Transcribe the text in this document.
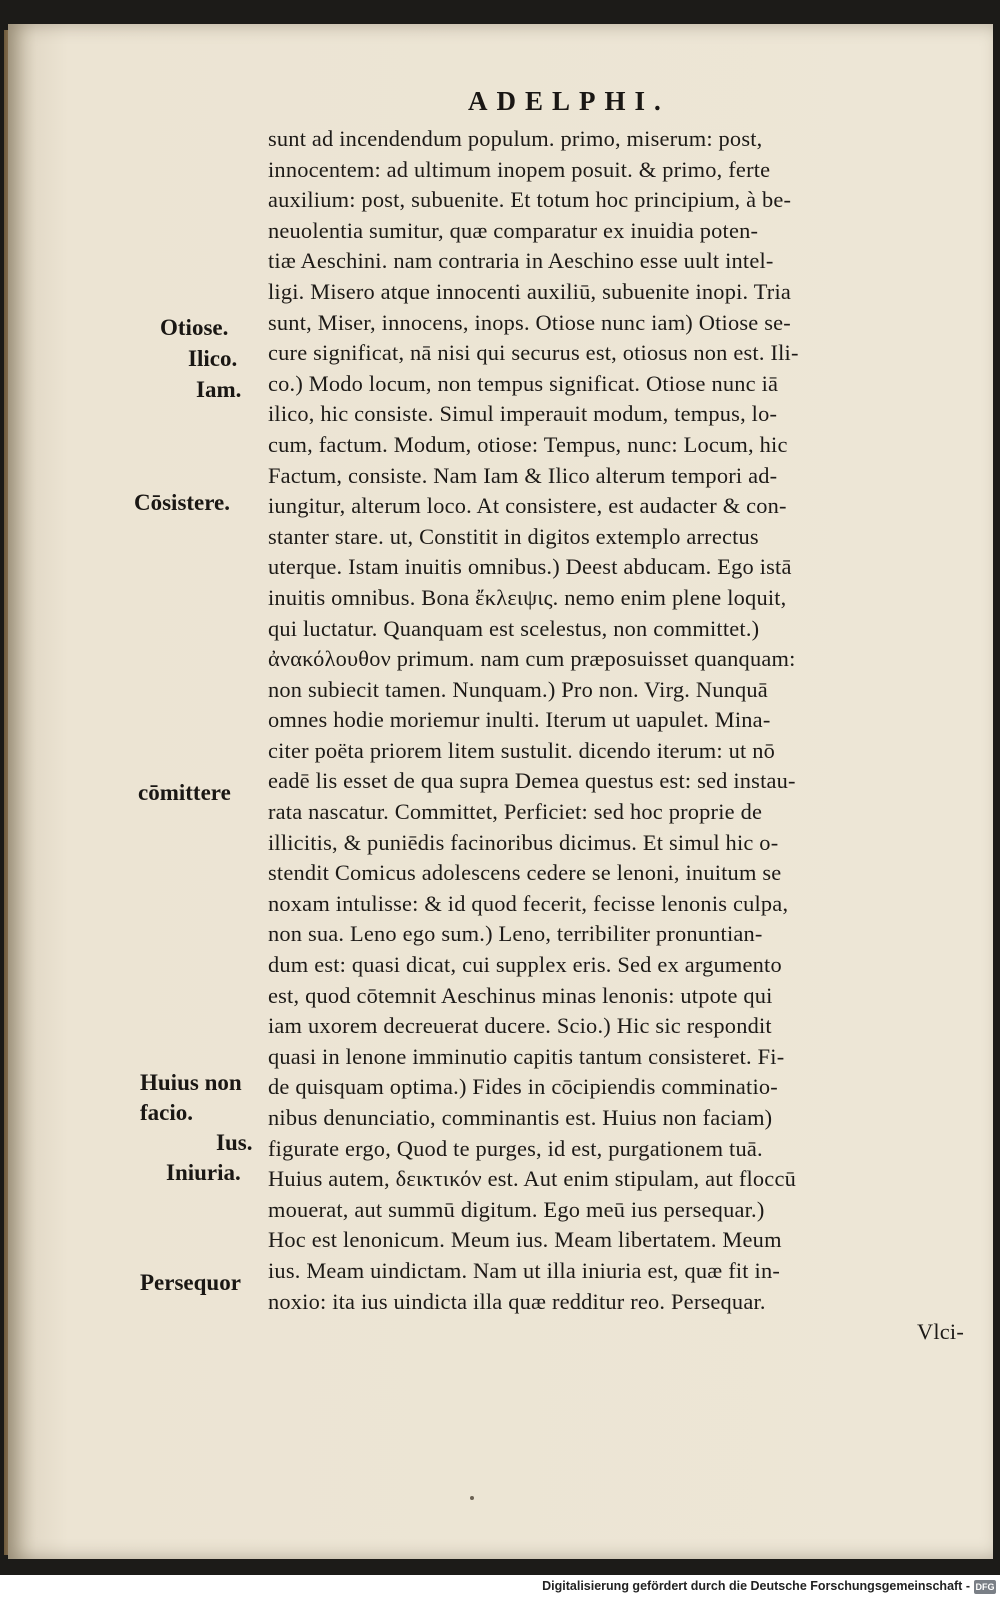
ADELPHI.
Otiose.
Ilico.
Iam.
Cōsistere.
cōmittere
Huius non
facio.
Ius.
Iniuria.
Persequor
sunt ad incendendum populum. primo, miserum: post,
innocentem: ad ultimum inopem posuit. & primo, ferte
auxilium: post, subuenite. Et totum hoc principium, à be-
neuolentia sumitur, quæ comparatur ex inuidia poten-
tiæ Aeschini. nam contraria in Aeschino esse uult intel-
ligi. Misero atque innocenti auxiliū, subuenite inopi. Tria
sunt, Miser, innocens, inops. Otiose nunc iam) Otiose se-
cure significat, nā nisi qui securus est, otiosus non est. Ili-
co.) Modo locum, non tempus significat. Otiose nunc iā
ilico, hic consiste. Simul imperauit modum, tempus, lo-
cum, factum. Modum, otiose: Tempus, nunc: Locum, hic
Factum, consiste. Nam Iam & Ilico alterum tempori ad-
iungitur, alterum loco. At consistere, est audacter & con-
stanter stare. ut, Constitit in digitos extemplo arrectus
uterque. Istam inuitis omnibus.) Deest abducam. Ego istā
inuitis omnibus. Bona ἔκλειψις. nemo enim plene loquit,
qui luctatur. Quanquam est scelestus, non committet.)
ἀνακόλουθον primum. nam cum præposuisset quanquam:
non subiecit tamen. Nunquam.) Pro non. Virg. Nunquā
omnes hodie moriemur inulti. Iterum ut uapulet. Mina-
citer poëta priorem litem sustulit. dicendo iterum: ut nō
eadē lis esset de qua supra Demea questus est: sed instau-
rata nascatur. Committet, Perficiet: sed hoc proprie de
illicitis, & puniēdis facinoribus dicimus. Et simul hic o-
stendit Comicus adolescens cedere se lenoni, inuitum se
noxam intulisse: & id quod fecerit, fecisse lenonis culpa,
non sua. Leno ego sum.) Leno, terribiliter pronuntian-
dum est: quasi dicat, cui supplex eris. Sed ex argumento
est, quod cōtemnit Aeschinus minas lenonis: utpote qui
iam uxorem decreuerat ducere. Scio.) Hic sic respondit
quasi in lenone imminutio capitis tantum consisteret. Fi-
de quisquam optima.) Fides in cōcipiendis comminatio-
nibus denunciatio, comminantis est. Huius non faciam)
figurate ergo, Quod te purges, id est, purgationem tuā.
Huius autem, δεικτικόν est. Aut enim stipulam, aut floccū
mouerat, aut summū digitum. Ego meū ius persequar.)
Hoc est lenonicum. Meum ius. Meam libertatem. Meum
ius. Meam uindictam. Nam ut illa iniuria est, quæ fit in-
noxio: ita ius uindicta illa quæ redditur reo. Persequar.
Vlci-
Digitalisierung gefördert durch die Deutsche Forschungsgemeinschaft - DFG
